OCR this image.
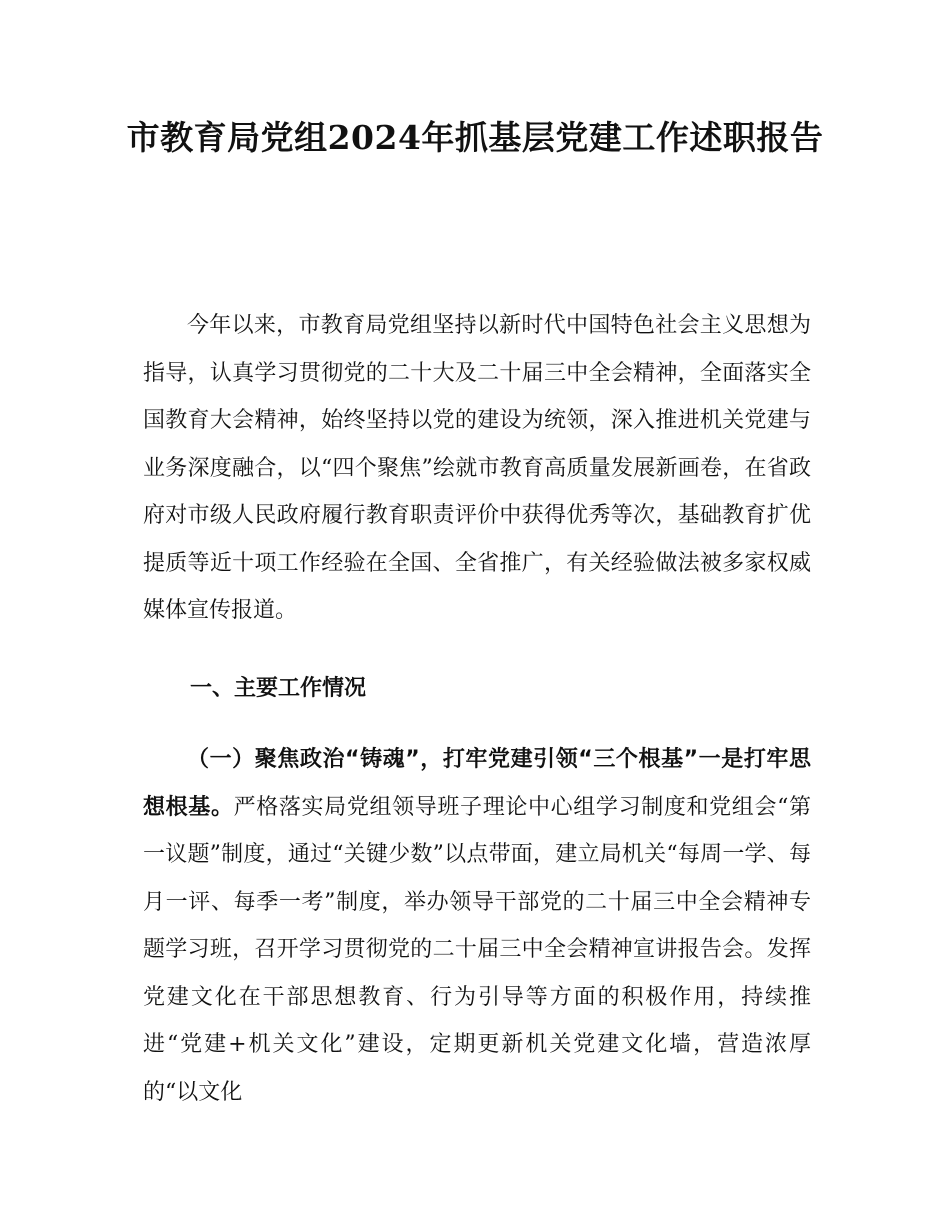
市教育局党组2024年抓基层党建工作述职报告
今年以来，市教育局党组坚持以新时代中国特色社会主义思想为指导，认真学习贯彻党的二十大及二十届三中全会精神，全面落实全国教育大会精神，始终坚持以党的建设为统领，深入推进机关党建与业务深度融合，以“四个聚焦”绘就市教育高质量发展新画卷，在省政府对市级人民政府履行教育职责评价中获得优秀等次，基础教育扩优提质等近十项工作经验在全国、全省推广，有关经验做法被多家权威媒体宣传报道。
一、主要工作情况
（一）聚焦政治“铸魂”，打牢党建引领“三个根基”一是打牢思想根基。严格落实局党组领导班子理论中心组学习制度和党组会“第一议题”制度，通过“关键少数”以点带面，建立局机关“每周一学、每月一评、每季一考”制度，举办领导干部党的二十届三中全会精神专题学习班，召开学习贯彻党的二十届三中全会精神宣讲报告会。发挥党建文化在干部思想教育、行为引导等方面的积极作用，持续推进“党建+机关文化”建设，定期更新机关党建文化墙，营造浓厚的“以文化
